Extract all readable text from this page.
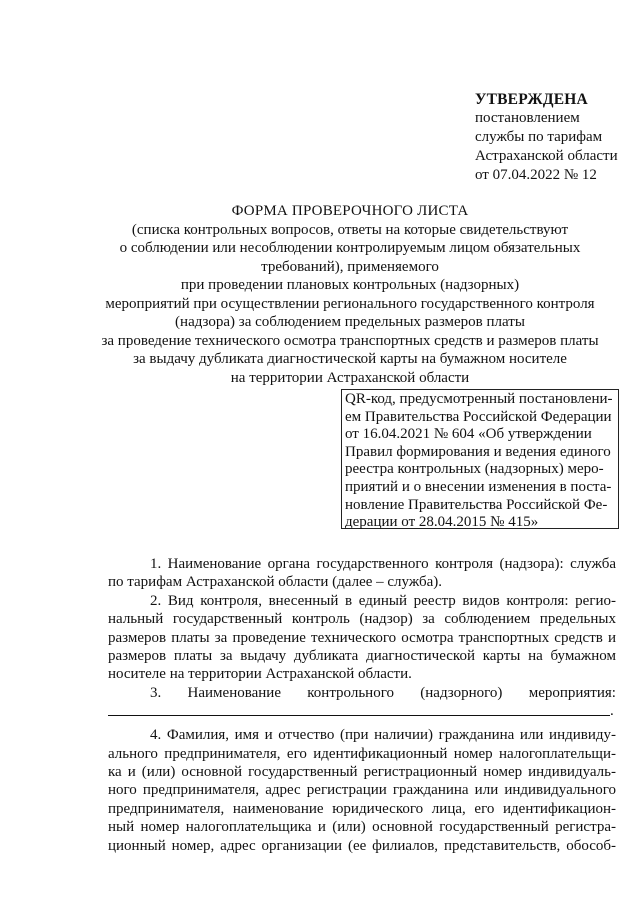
УТВЕРЖДЕНА
постановлением
службы по тарифам
Астраханской области
от 07.04.2022 № 12
ФОРМА ПРОВЕРОЧНОГО ЛИСТА
(списка контрольных вопросов, ответы на которые свидетельствуют
о соблюдении или несоблюдении контролируемым лицом обязательных
требований), применяемого
при проведении плановых контрольных (надзорных)
мероприятий при осуществлении регионального государственного контроля
(надзора) за соблюдением предельных размеров платы
за проведение технического осмотра транспортных средств и размеров платы
за выдачу дубликата диагностической карты на бумажном носителе
на территории Астраханской области
QR-код, предусмотренный постановлени-
ем Правительства Российской Федерации
от 16.04.2021 № 604 «Об утверждении
Правил формирования и ведения единого
реестра контрольных (надзорных) меро-
приятий и о внесении изменения в поста-
новление Правительства Российской Фе-
дерации от 28.04.2015 № 415»
1. Наименование органа государственного контроля (надзора): служба
по тарифам Астраханской области (далее – служба).
2. Вид контроля, внесенный в единый реестр видов контроля: регио-
нальный государственный контроль (надзор) за соблюдением предельных
размеров платы за проведение технического осмотра транспортных средств и
размеров платы за выдачу дубликата диагностической карты на бумажном
носителе на территории Астраханской области.
3. Наименование контрольного (надзорного) мероприятия:
.
4. Фамилия, имя и отчество (при наличии) гражданина или индивиду-
ального предпринимателя, его идентификационный номер налогоплательщи-
ка и (или) основной государственный регистрационный номер индивидуаль-
ного предпринимателя, адрес регистрации гражданина или индивидуального
предпринимателя, наименование юридического лица, его идентификацион-
ный номер налогоплательщика и (или) основной государственный регистра-
ционный номер, адрес организации (ее филиалов, представительств, обособ-
